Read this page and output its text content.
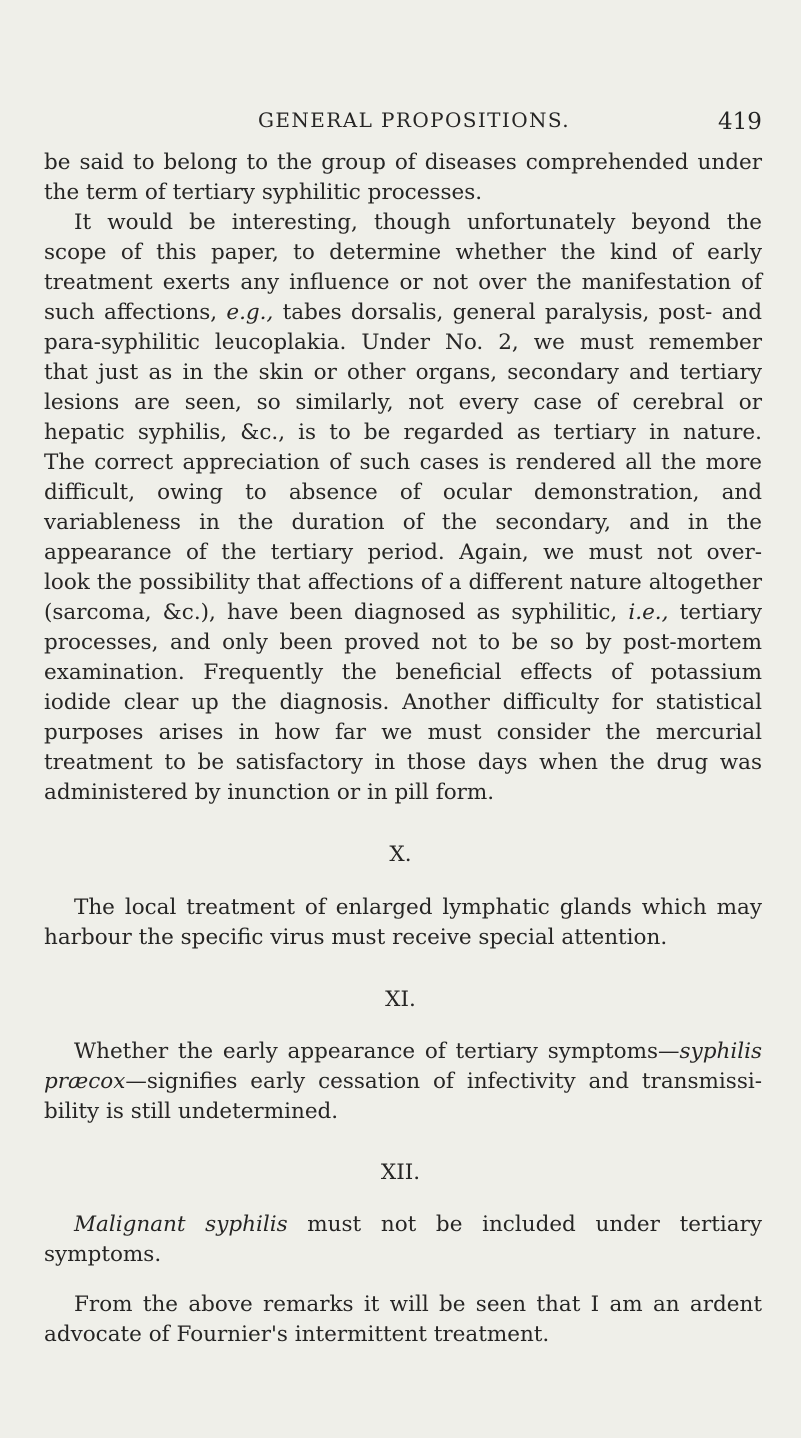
GENERAL PROPOSITIONS.	419
be said to belong to the group of diseases comprehended under
the term of tertiary syphilitic processes.
It would be interesting, though unfortunately beyond the
scope of this paper, to determine whether the kind of early
treatment exerts any influence or not over the manifestation of
such affections, e.g., tabes dorsalis, general paralysis, post- and
para-syphilitic leucoplakia. Under No. 2, we must remember
that just as in the skin or other organs, secondary and tertiary
lesions are seen, so similarly, not every case of cerebral or
hepatic syphilis, &c., is to be regarded as tertiary in nature.
The correct appreciation of such cases is rendered all the more
difficult, owing to absence of ocular demonstration, and
variableness in the duration of the secondary, and in the
appearance of the tertiary period. Again, we must not over-
look the possibility that affections of a different nature altogether
(sarcoma, &c.), have been diagnosed as syphilitic, i.e., tertiary
processes, and only been proved not to be so by post-mortem
examination. Frequently the beneficial effects of potassium
iodide clear up the diagnosis. Another difficulty for statistical
purposes arises in how far we must consider the mercurial
treatment to be satisfactory in those days when the drug was
administered by inunction or in pill form.
X.
The local treatment of enlarged lymphatic glands which may
harbour the specific virus must receive special attention.
XI.
Whether the early appearance of tertiary symptoms—syphilis
præcox—signifies early cessation of infectivity and transmissi-
bility is still undetermined.
XII.
Malignant syphilis must not be included under tertiary
symptoms.
From the above remarks it will be seen that I am an ardent
advocate of Fournier's intermittent treatment.
